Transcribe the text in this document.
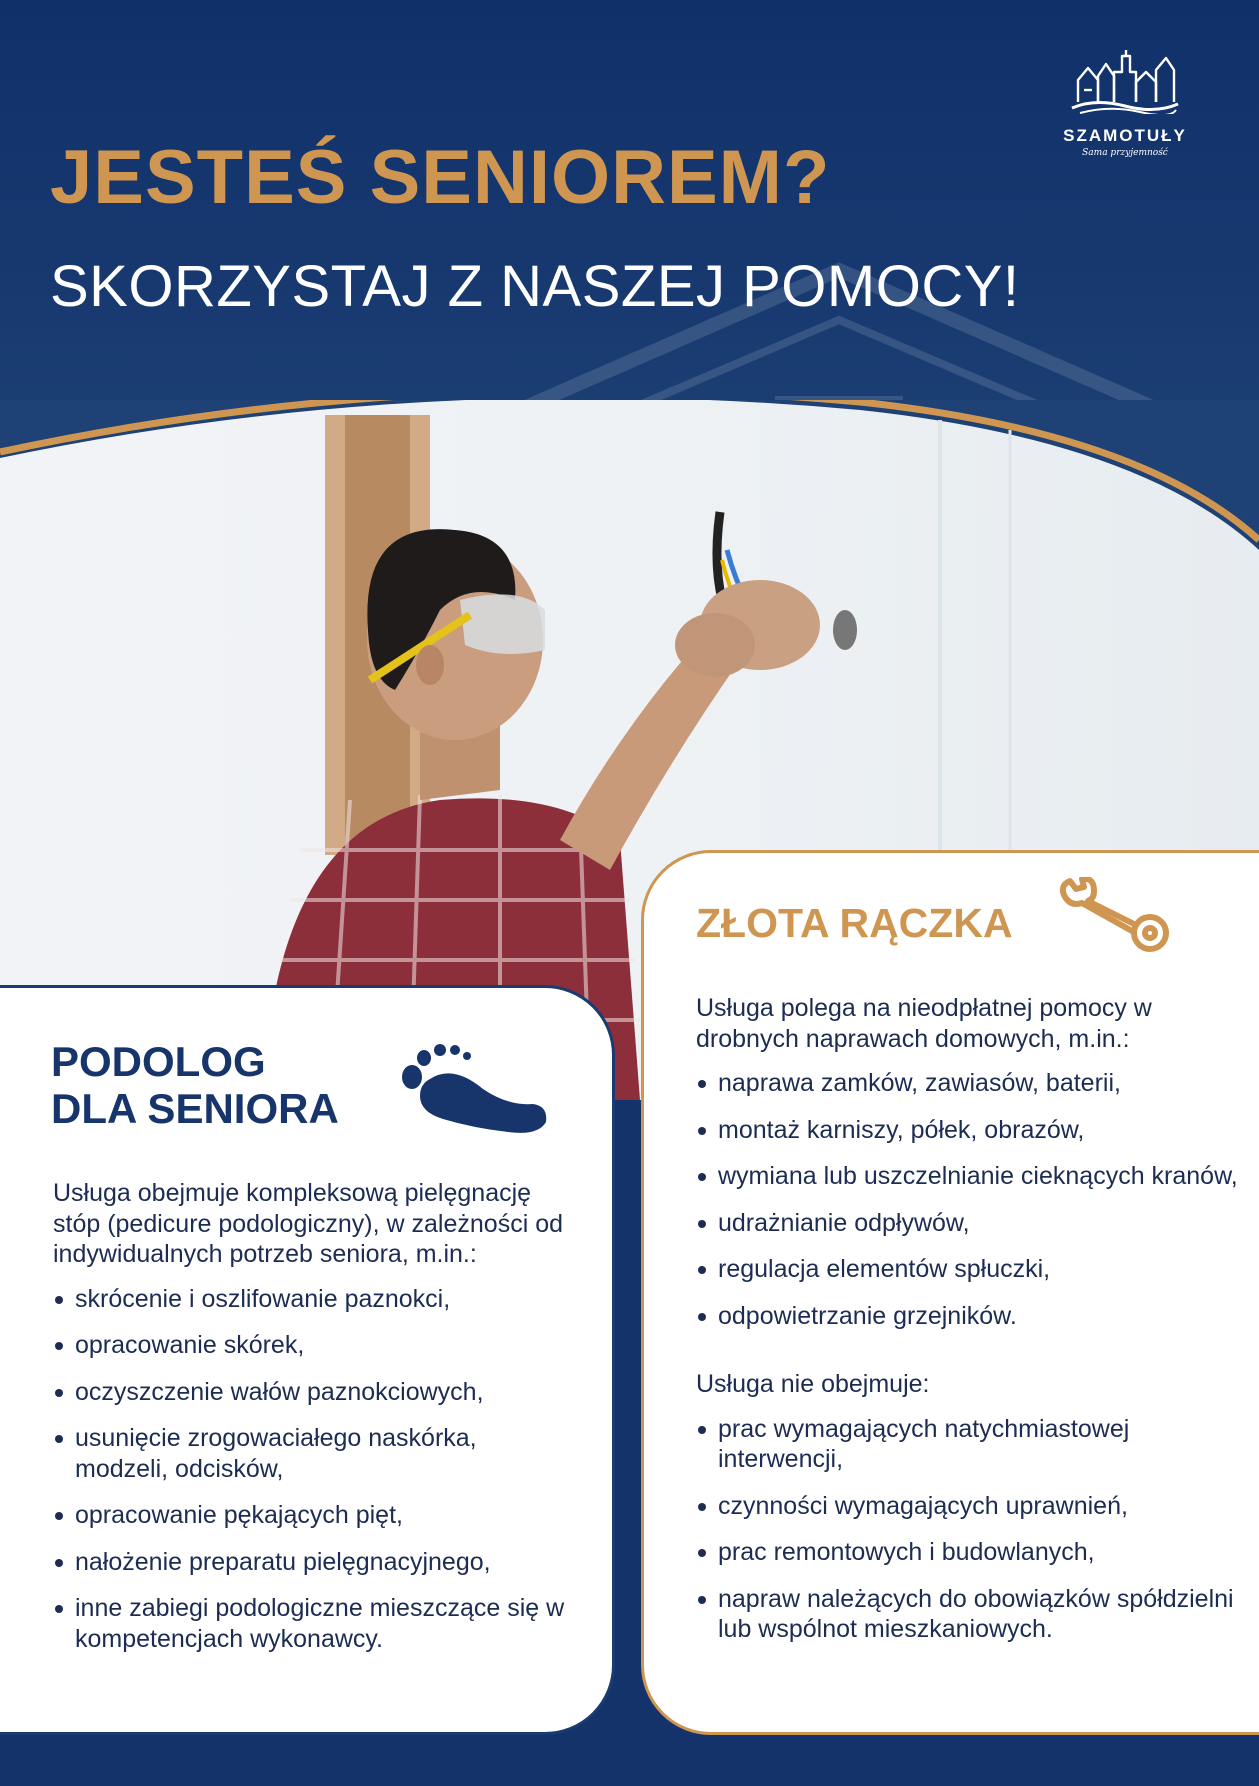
JESTEŚ SENIOREM?
SKORZYSTAJ Z NASZEJ POMOCY!
SZAMOTUŁY
Sama przyjemność
PODOLOG
DLA SENIORA

Usługa obejmuje kompleksową pielęgnację stóp (pedicure podologiczny), w zależności od indywidualnych potrzeb seniora, m.in.:

skrócenie i oszlifowanie paznokci,
opracowanie skórek,
oczyszczenie wałów paznokciowych,
usunięcie zrogowaciałego naskórka, modzeli, odcisków,
opracowanie pękających pięt,
nałożenie preparatu pielęgnacyjnego,
inne zabiegi podologiczne mieszczące się w kompetencjach wykonawcy.
ZŁOTA RĄCZKA

Usługa polega na nieodpłatnej pomocy w drobnych naprawach domowych, m.in.:

naprawa zamków, zawiasów, baterii,
montaż karniszy, półek, obrazów,
wymiana lub uszczelnianie cieknących kranów,
udrażnianie odpływów,
regulacja elementów spłuczki,
odpowietrzanie grzejników.

Usługa nie obejmuje:

prac wymagających natychmiastowej interwencji,
czynności wymagających uprawnień,
prac remontowych i budowlanych,
napraw należących do obowiązków spółdzielni lub wspólnot mieszkaniowych.
